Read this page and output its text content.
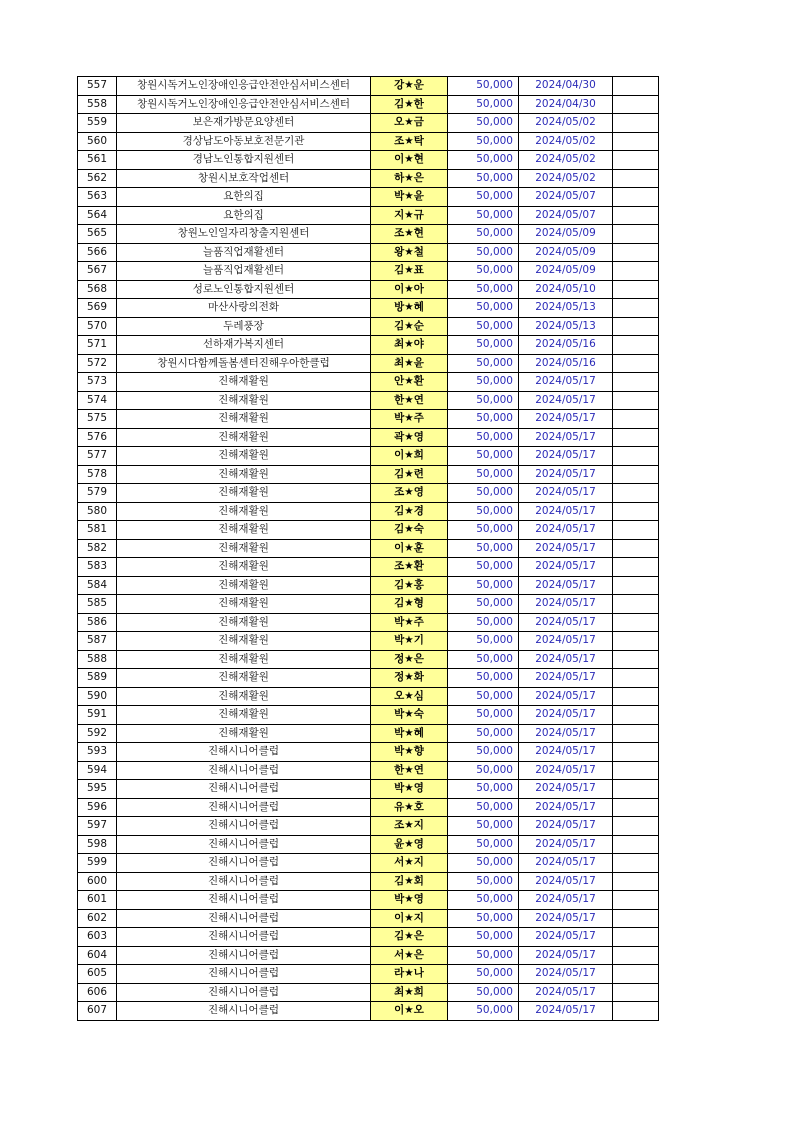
557	창원시독거노인장애인응급안전안심서비스센터	강★운	50,000	2024/04/30	
558	창원시독거노인장애인응급안전안심서비스센터	김★한	50,000	2024/04/30	
559	보은재가방문요양센터	오★금	50,000	2024/05/02	
560	경상남도아동보호전문기관	조★탁	50,000	2024/05/02	
561	경남노인통합지원센터	이★현	50,000	2024/05/02	
562	창원시보호작업센터	하★은	50,000	2024/05/02	
563	요한의집	박★윤	50,000	2024/05/07	
564	요한의집	지★규	50,000	2024/05/07	
565	창원노인일자리창출지원센터	조★현	50,000	2024/05/09	
566	늘품직업재활센터	왕★철	50,000	2024/05/09	
567	늘품직업재활센터	김★표	50,000	2024/05/09	
568	성로노인통합지원센터	이★아	50,000	2024/05/10	
569	마산사랑의전화	방★혜	50,000	2024/05/13	
570	두레풍장	김★순	50,000	2024/05/13	
571	선하재가복지센터	최★야	50,000	2024/05/16	
572	창원시다함께돌봄센터진해우아한클럽	최★윤	50,000	2024/05/16	
573	진해재활원	안★환	50,000	2024/05/17	
574	진해재활원	한★연	50,000	2024/05/17	
575	진해재활원	박★주	50,000	2024/05/17	
576	진해재활원	곽★영	50,000	2024/05/17	
577	진해재활원	이★희	50,000	2024/05/17	
578	진해재활원	김★련	50,000	2024/05/17	
579	진해재활원	조★영	50,000	2024/05/17	
580	진해재활원	김★경	50,000	2024/05/17	
581	진해재활원	김★숙	50,000	2024/05/17	
582	진해재활원	이★훈	50,000	2024/05/17	
583	진해재활원	조★환	50,000	2024/05/17	
584	진해재활원	김★홍	50,000	2024/05/17	
585	진해재활원	김★형	50,000	2024/05/17	
586	진해재활원	박★주	50,000	2024/05/17	
587	진해재활원	박★기	50,000	2024/05/17	
588	진해재활원	정★은	50,000	2024/05/17	
589	진해재활원	정★화	50,000	2024/05/17	
590	진해재활원	오★심	50,000	2024/05/17	
591	진해재활원	박★숙	50,000	2024/05/17	
592	진해재활원	박★혜	50,000	2024/05/17	
593	진해시니어클럽	박★향	50,000	2024/05/17	
594	진해시니어클럽	한★연	50,000	2024/05/17	
595	진해시니어클럽	박★영	50,000	2024/05/17	
596	진해시니어클럽	유★호	50,000	2024/05/17	
597	진해시니어클럽	조★지	50,000	2024/05/17	
598	진해시니어클럽	윤★영	50,000	2024/05/17	
599	진해시니어클럽	서★지	50,000	2024/05/17	
600	진해시니어클럽	김★회	50,000	2024/05/17	
601	진해시니어클럽	박★영	50,000	2024/05/17	
602	진해시니어클럽	이★지	50,000	2024/05/17	
603	진해시니어클럽	김★은	50,000	2024/05/17	
604	진해시니어클럽	서★은	50,000	2024/05/17	
605	진해시니어클럽	라★나	50,000	2024/05/17	
606	진해시니어클럽	최★희	50,000	2024/05/17	
607	진해시니어클럽	이★오	50,000	2024/05/17	
